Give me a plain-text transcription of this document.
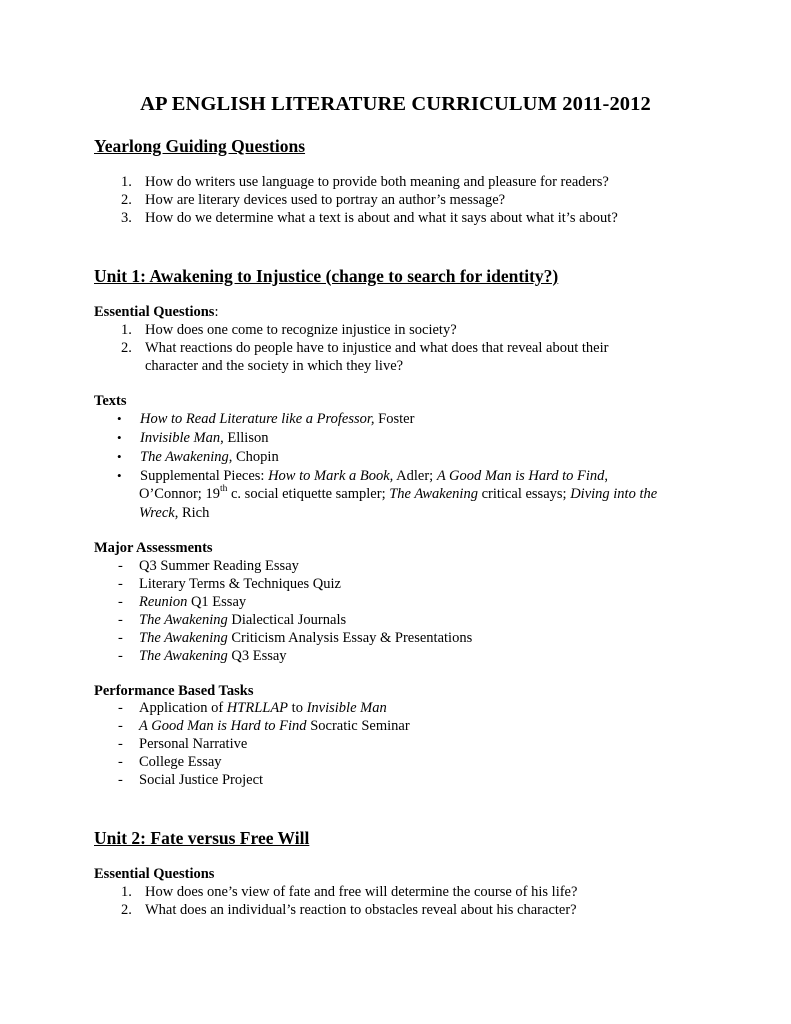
AP ENGLISH LITERATURE CURRICULUM 2011-2012
Yearlong Guiding Questions
1. How do writers use language to provide both meaning and pleasure for readers?
2. How are literary devices used to portray an author’s message?
3. How do we determine what a text is about and what it says about what it’s about?
Unit 1: Awakening to Injustice (change to search for identity?)
Essential Questions:
1. How does one come to recognize injustice in society?
2. What reactions do people have to injustice and what does that reveal about their
character and the society in which they live?
Texts
• How to Read Literature like a Professor, Foster
• Invisible Man, Ellison
• The Awakening, Chopin
• Supplemental Pieces: How to Mark a Book, Adler; A Good Man is Hard to Find,
O’Connor; 19th c. social etiquette sampler; The Awakening critical essays; Diving into the
Wreck, Rich
Major Assessments
- Q3 Summer Reading Essay
- Literary Terms & Techniques Quiz
- Reunion Q1 Essay
- The Awakening Dialectical Journals
- The Awakening Criticism Analysis Essay & Presentations
- The Awakening Q3 Essay
Performance Based Tasks
- Application of HTRLLAP to Invisible Man
- A Good Man is Hard to Find Socratic Seminar
- Personal Narrative
- College Essay
- Social Justice Project
Unit 2: Fate versus Free Will
Essential Questions
1. How does one’s view of fate and free will determine the course of his life?
2. What does an individual’s reaction to obstacles reveal about his character?
